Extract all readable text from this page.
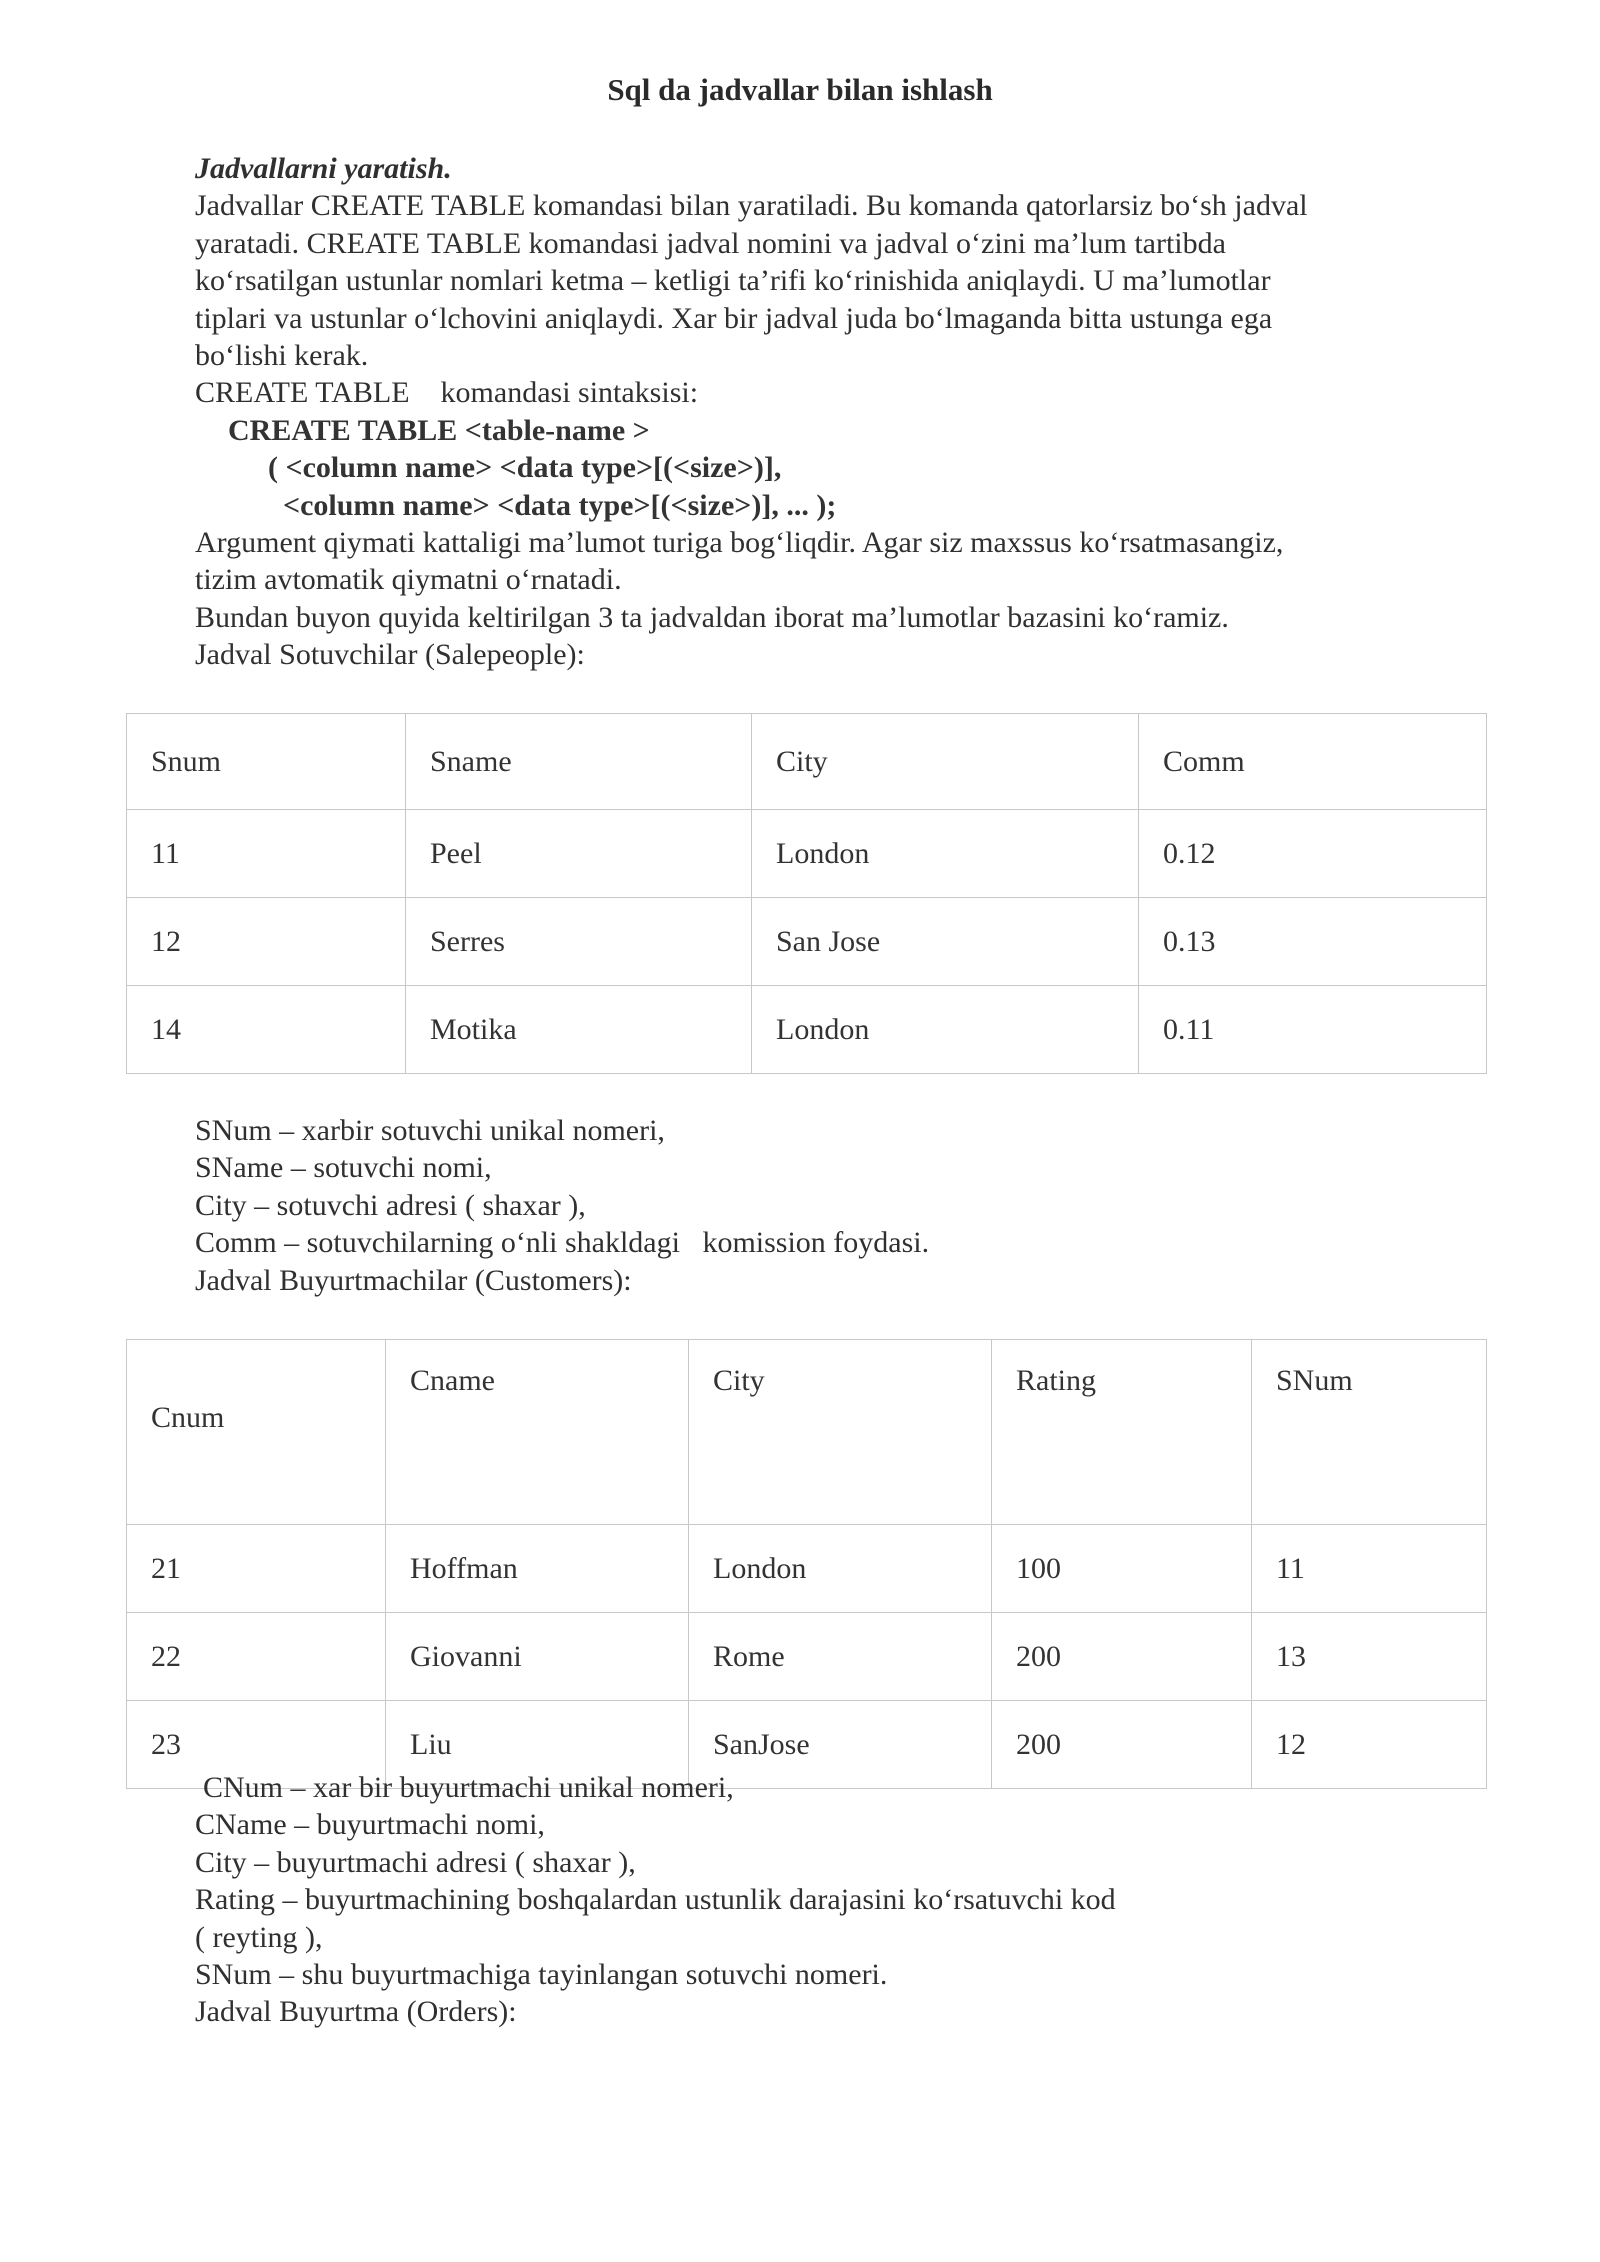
Sql da jadvallar bilan ishlash
Jadvallarni yaratish.
Jadvallar CREATE TABLE komandasi bilan yaratiladi. Bu komanda qatorlarsiz bo‘sh jadval
yaratadi. CREATE TABLE komandasi jadval nomini va jadval o‘zini ma’lum tartibda
ko‘rsatilgan ustunlar nomlari ketma – ketligi ta’rifi ko‘rinishida aniqlaydi. U ma’lumotlar
tiplari va ustunlar o‘lchovini aniqlaydi. Xar bir jadval juda bo‘lmaganda bitta ustunga ega
bo‘lishi kerak.
CREATE TABLE komandasi sintaksisi:
CREATE TABLE <table-name >
( <column name> <data type>[(<size>)],
<column name> <data type>[(<size>)], ... );
Argument qiymati kattaligi ma’lumot turiga bog‘liqdir. Agar siz maxssus ko‘rsatmasangiz,
tizim avtomatik qiymatni o‘rnatadi.
Bundan buyon quyida keltirilgan 3 ta jadvaldan iborat ma’lumotlar bazasini ko‘ramiz.
Jadval Sotuvchilar (Salepeople):
Snum	Sname	City	Comm
11	Peel	London	0.12
12	Serres	San Jose	0.13
14	Motika	London	0.11
SNum – xarbir sotuvchi unikal nomeri,
SName – sotuvchi nomi,
City – sotuvchi adresi ( shaxar ),
Comm – sotuvchilarning o‘nli shakldagi   komission foydasi.
Jadval Buyurtmachilar (Customers):
Cnum	Cname	City	Rating	SNum
21	Hoffman	London	100	11
22	Giovanni	Rome	200	13
23	Liu	SanJose	200	12
CNum – xar bir buyurtmachi unikal nomeri,
CName – buyurtmachi nomi,
City – buyurtmachi adresi ( shaxar ),
Rating – buyurtmachining boshqalardan ustunlik darajasini ko‘rsatuvchi kod
( reyting ),
SNum – shu buyurtmachiga tayinlangan sotuvchi nomeri.
Jadval Buyurtma (Orders):
